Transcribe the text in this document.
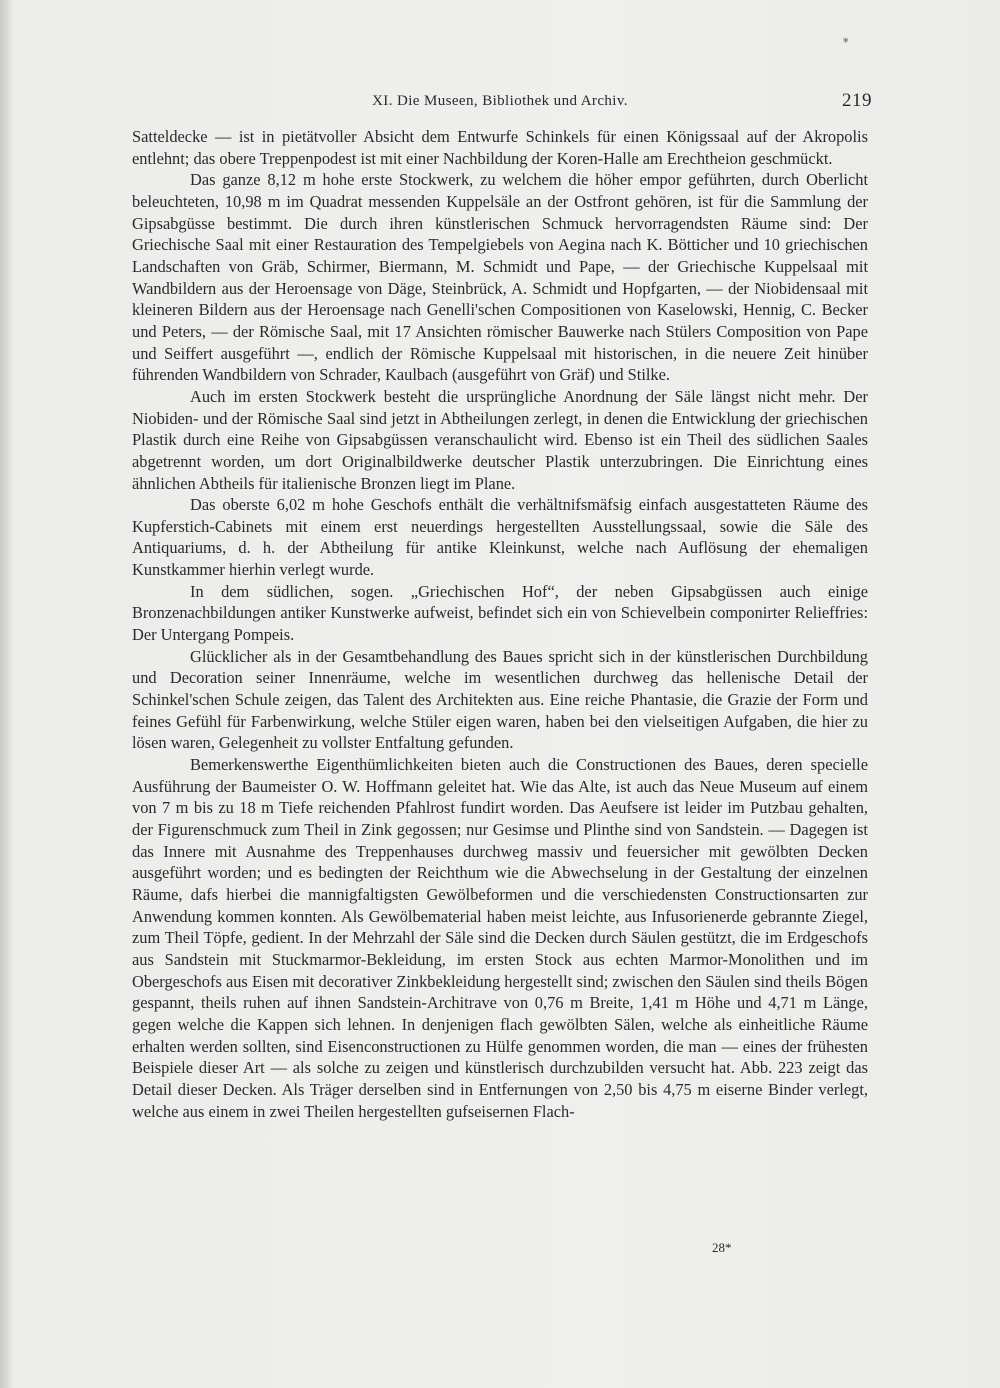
*
XI. Die Museen, Bibliothek und Archiv.	219

Satteldecke — ist in pietätvoller Absicht dem Entwurfe Schinkels für einen Königssaal auf der Akropolis entlehnt; das obere Treppenpodest ist mit einer Nachbildung der Koren-Halle am Erechtheion geschmückt.

Das ganze 8,12 m hohe erste Stockwerk, zu welchem die höher empor geführten, durch Oberlicht beleuchteten, 10,98 m im Quadrat messenden Kuppelsäle an der Ostfront gehören, ist für die Sammlung der Gipsabgüsse bestimmt. Die durch ihren künstlerischen Schmuck hervorragendsten Räume sind: Der Griechische Saal mit einer Restauration des Tempelgiebels von Aegina nach K. Bötticher und 10 griechischen Landschaften von Gräb, Schirmer, Biermann, M. Schmidt und Pape, — der Griechische Kuppelsaal mit Wandbildern aus der Heroensage von Däge, Steinbrück, A. Schmidt und Hopfgarten, — der Niobidensaal mit kleineren Bildern aus der Heroensage nach Genelli'schen Compositionen von Kaselowski, Hennig, C. Becker und Peters, — der Römische Saal, mit 17 Ansichten römischer Bauwerke nach Stülers Composition von Pape und Seiffert ausgeführt —, endlich der Römische Kuppelsaal mit historischen, in die neuere Zeit hinüber führenden Wandbildern von Schrader, Kaulbach (ausgeführt von Gräf) und Stilke.

Auch im ersten Stockwerk besteht die ursprüngliche Anordnung der Säle längst nicht mehr. Der Niobiden- und der Römische Saal sind jetzt in Abtheilungen zerlegt, in denen die Entwicklung der griechischen Plastik durch eine Reihe von Gipsabgüssen veranschaulicht wird. Ebenso ist ein Theil des südlichen Saales abgetrennt worden, um dort Originalbildwerke deutscher Plastik unterzubringen. Die Einrichtung eines ähnlichen Abtheils für italienische Bronzen liegt im Plane.

Das oberste 6,02 m hohe Geschofs enthält die verhältnifsmäfsig einfach ausgestatteten Räume des Kupferstich-Cabinets mit einem erst neuerdings hergestellten Ausstellungssaal, sowie die Säle des Antiquariums, d. h. der Abtheilung für antike Kleinkunst, welche nach Auflösung der ehemaligen Kunstkammer hierhin verlegt wurde.

In dem südlichen, sogen. „Griechischen Hof“, der neben Gipsabgüssen auch einige Bronzenachbildungen antiker Kunstwerke aufweist, befindet sich ein von Schievelbein componirter Relieffries: Der Untergang Pompeis.

Glücklicher als in der Gesamtbehandlung des Baues spricht sich in der künstlerischen Durchbildung und Decoration seiner Innenräume, welche im wesentlichen durchweg das hellenische Detail der Schinkel'schen Schule zeigen, das Talent des Architekten aus. Eine reiche Phantasie, die Grazie der Form und feines Gefühl für Farbenwirkung, welche Stüler eigen waren, haben bei den vielseitigen Aufgaben, die hier zu lösen waren, Gelegenheit zu vollster Entfaltung gefunden.

Bemerkenswerthe Eigenthümlichkeiten bieten auch die Constructionen des Baues, deren specielle Ausführung der Baumeister O. W. Hoffmann geleitet hat. Wie das Alte, ist auch das Neue Museum auf einem von 7 m bis zu 18 m Tiefe reichenden Pfahlrost fundirt worden. Das Aeufsere ist leider im Putzbau gehalten, der Figurenschmuck zum Theil in Zink gegossen; nur Gesimse und Plinthe sind von Sandstein. — Dagegen ist das Innere mit Ausnahme des Treppenhauses durchweg massiv und feuersicher mit gewölbten Decken ausgeführt worden; und es bedingten der Reichthum wie die Abwechselung in der Gestaltung der einzelnen Räume, dafs hierbei die mannigfaltigsten Gewölbeformen und die verschiedensten Constructionsarten zur Anwendung kommen konnten. Als Gewölbematerial haben meist leichte, aus Infusorienerde gebrannte Ziegel, zum Theil Töpfe, gedient. In der Mehrzahl der Säle sind die Decken durch Säulen gestützt, die im Erdgeschofs aus Sandstein mit Stuckmarmor-Bekleidung, im ersten Stock aus echten Marmor-Monolithen und im Obergeschofs aus Eisen mit decorativer Zinkbekleidung hergestellt sind; zwischen den Säulen sind theils Bögen gespannt, theils ruhen auf ihnen Sandstein-Architrave von 0,76 m Breite, 1,41 m Höhe und 4,71 m Länge, gegen welche die Kappen sich lehnen. In denjenigen flach gewölbten Sälen, welche als einheitliche Räume erhalten werden sollten, sind Eisenconstructionen zu Hülfe genommen worden, die man — eines der frühesten Beispiele dieser Art — als solche zu zeigen und künstlerisch durchzubilden versucht hat. Abb. 223 zeigt das Detail dieser Decken. Als Träger derselben sind in Entfernungen von 2,50 bis 4,75 m eiserne Binder verlegt, welche aus einem in zwei Theilen hergestellten gufseisernen Flach-

28*
